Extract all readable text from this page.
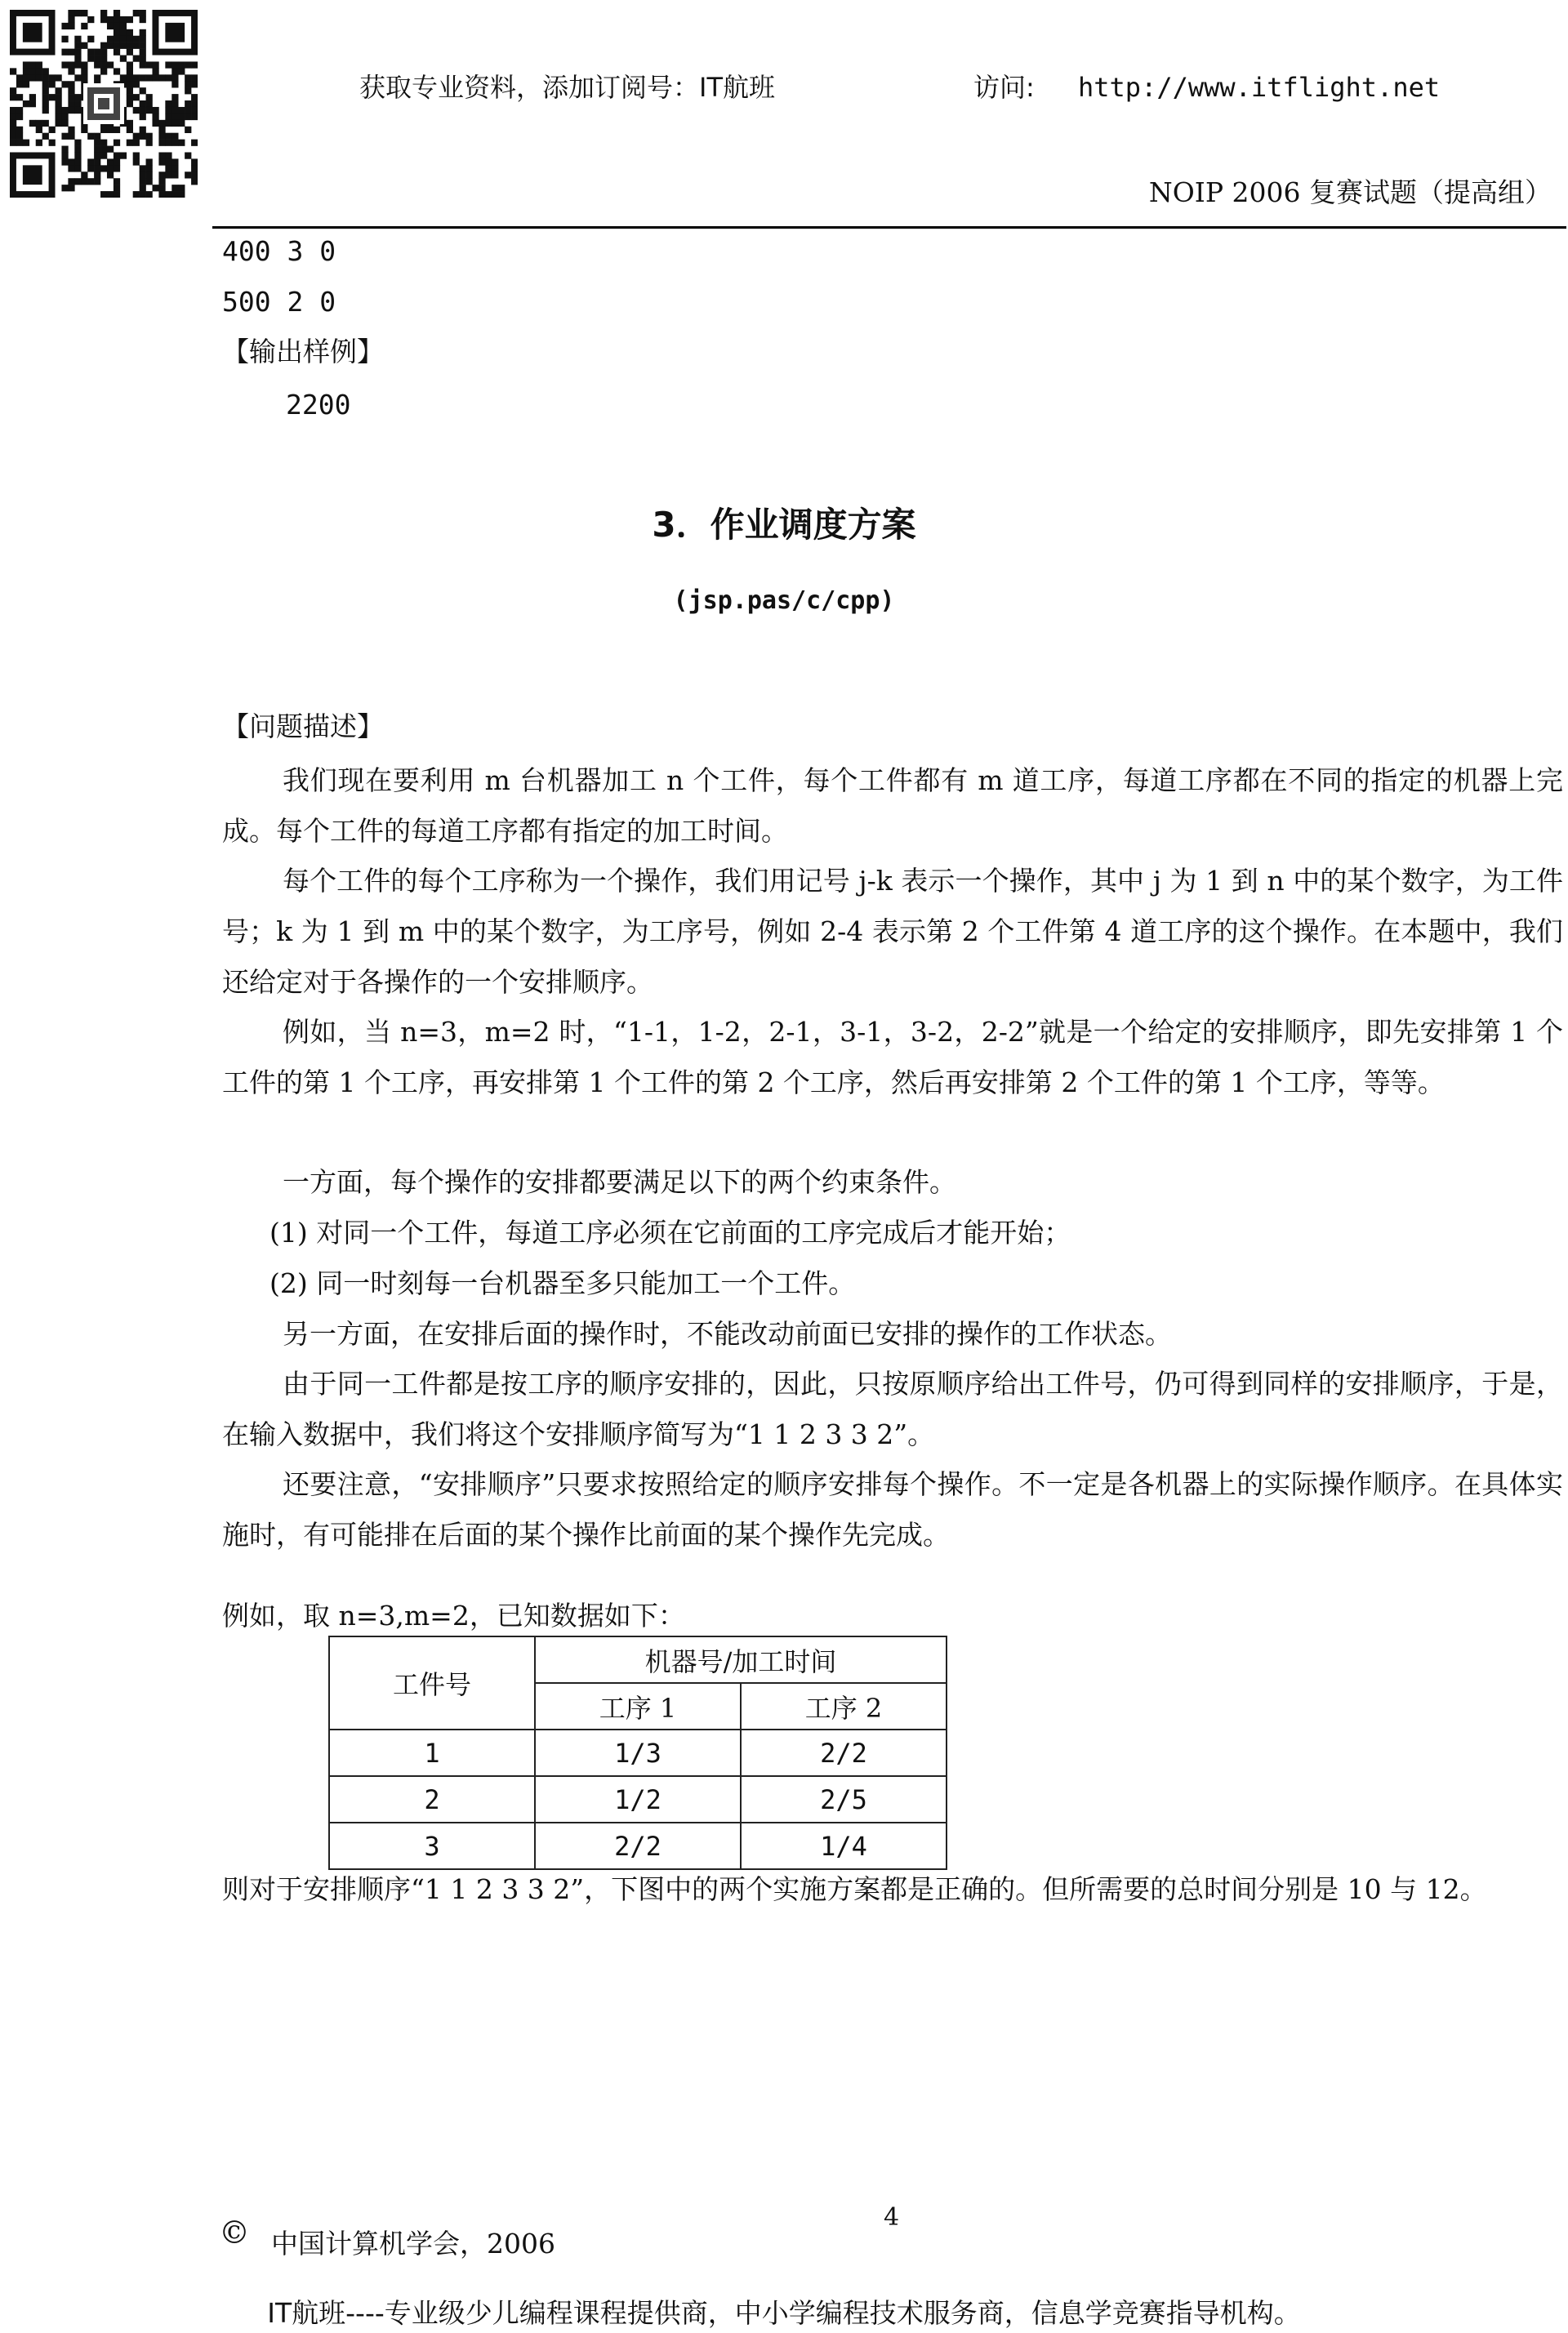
获取专业资料，添加订阅号：IT航班	访问: http://www.itflight.net
NOIP 2006 复赛试题（提高组）
400 3 0
500 2 0
【输出样例】
2200
3．作业调度方案
(jsp.pas/c/cpp)
【问题描述】
我们现在要利用 m 台机器加工 n 个工件，每个工件都有 m 道工序，每道工序都在不同的指定的机器上完成。每个工件的每道工序都有指定的加工时间。
每个工件的每个工序称为一个操作，我们用记号 j-k 表示一个操作，其中 j 为 1 到 n 中的某个数字，为工件号；k 为 1 到 m 中的某个数字，为工序号，例如 2-4 表示第 2 个工件第 4 道工序的这个操作。在本题中，我们还给定对于各操作的一个安排顺序。
例如，当 n=3，m=2 时，“1-1，1-2，2-1，3-1，3-2，2-2”就是一个给定的安排顺序，即先安排第 1 个工件的第 1 个工序，再安排第 1 个工件的第 2 个工序，然后再安排第 2 个工件的第 1 个工序，等等。
一方面，每个操作的安排都要满足以下的两个约束条件。
(1) 对同一个工件，每道工序必须在它前面的工序完成后才能开始；
(2) 同一时刻每一台机器至多只能加工一个工件。
另一方面，在安排后面的操作时，不能改动前面已安排的操作的工作状态。
由于同一工件都是按工序的顺序安排的，因此，只按原顺序给出工件号，仍可得到同样的安排顺序，于是，在输入数据中，我们将这个安排顺序简写为“1 1 2 3 3 2”。
还要注意，“安排顺序”只要求按照给定的顺序安排每个操作。不一定是各机器上的实际操作顺序。在具体实施时，有可能排在后面的某个操作比前面的某个操作先完成。
例如，取 n=3,m=2，已知数据如下：
工件号	机器号/加工时间	
	工序 1	工序 2
1	1/3	2/2
2	1/2	2/5
3	2/2	1/4
则对于安排顺序“1 1 2 3 3 2”，下图中的两个实施方案都是正确的。但所需要的总时间分别是 10 与 12。
4
© 中国计算机学会，2006
IT航班----专业级少儿编程课程提供商，中小学编程技术服务商，信息学竞赛指导机构。
